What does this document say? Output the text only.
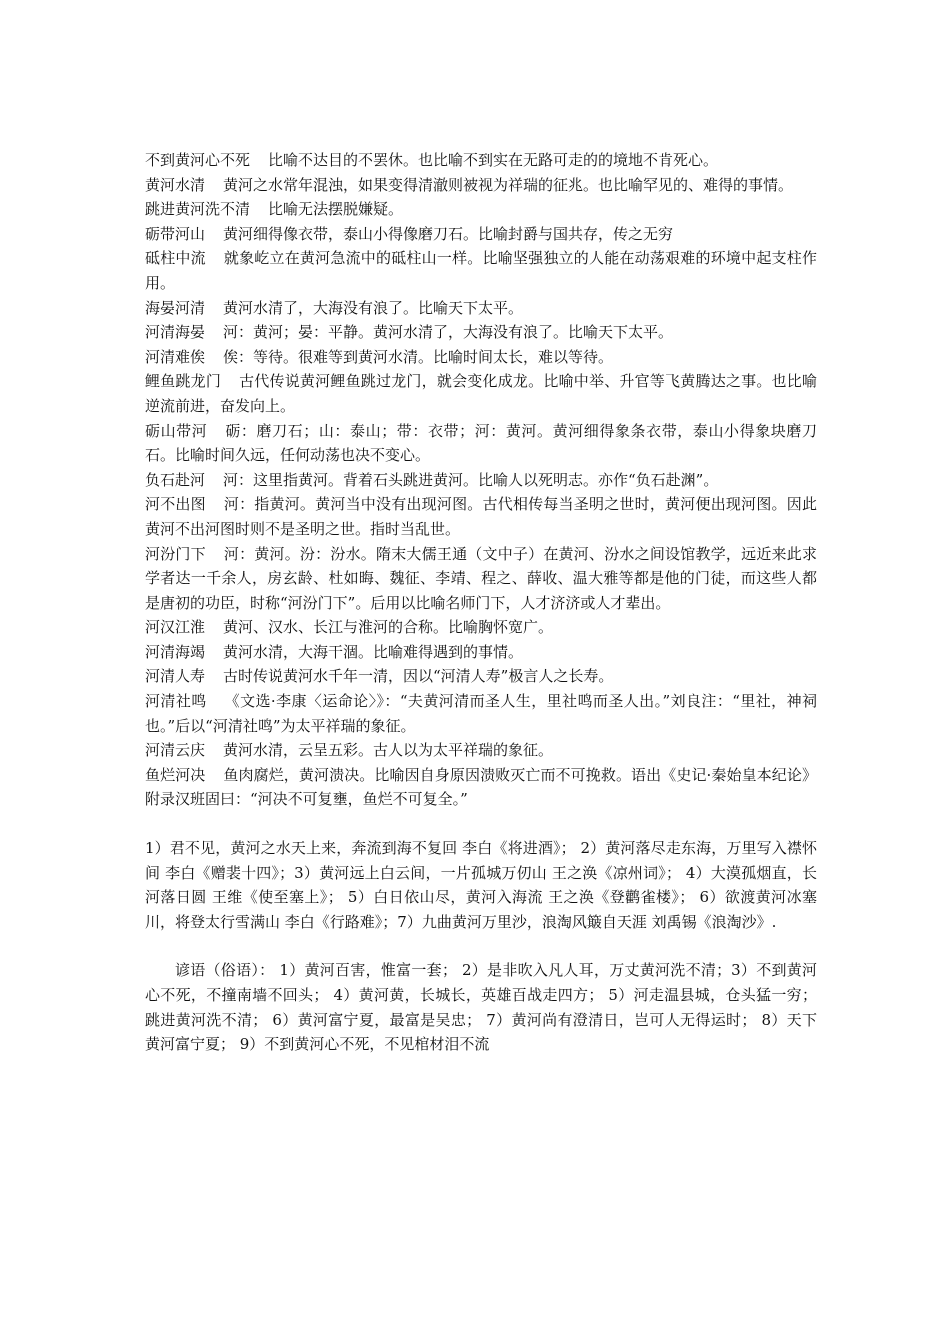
不到黄河心不死 比喻不达目的不罢休。也比喻不到实在无路可走的的境地不肯死心。

黄河水清 黄河之水常年混浊，如果变得清澈则被视为祥瑞的征兆。也比喻罕见的、难得的事情。

跳进黄河洗不清 比喻无法摆脱嫌疑。

砺带河山 黄河细得像衣带，泰山小得像磨刀石。比喻封爵与国共存，传之无穷

砥柱中流 就象屹立在黄河急流中的砥柱山一样。比喻坚强独立的人能在动荡艰难的环境中起支柱作用。

海晏河清 黄河水清了，大海没有浪了。比喻天下太平。

河清海晏 河：黄河；晏：平静。黄河水清了，大海没有浪了。比喻天下太平。

河清难俟 俟：等待。很难等到黄河水清。比喻时间太长，难以等待。

鲤鱼跳龙门 古代传说黄河鲤鱼跳过龙门，就会变化成龙。比喻中举、升官等飞黄腾达之事。也比喻逆流前进，奋发向上。

砺山带河 砺：磨刀石；山：泰山；带：衣带；河：黄河。黄河细得象条衣带，泰山小得象块磨刀石。比喻时间久远，任何动荡也决不变心。

负石赴河 河：这里指黄河。背着石头跳进黄河。比喻人以死明志。亦作“负石赴渊”。

河不出图 河：指黄河。黄河当中没有出现河图。古代相传每当圣明之世时，黄河便出现河图。因此黄河不出河图时则不是圣明之世。指时当乱世。

河汾门下 河：黄河。汾：汾水。隋末大儒王通（文中子）在黄河、汾水之间设馆教学，远近来此求学者达一千余人，房玄龄、杜如晦、魏征、李靖、程之、薛收、温大雅等都是他的门徒，而这些人都是唐初的功臣，时称“河汾门下”。后用以比喻名师门下，人才济济或人才辈出。

河汉江淮 黄河、汉水、长江与淮河的合称。比喻胸怀宽广。

河清海竭 黄河水清，大海干涸。比喻难得遇到的事情。

河清人寿 古时传说黄河水千年一清，因以“河清人寿”极言人之长寿。

河清社鸣 《文选·李康〈运命论〉》：“夫黄河清而圣人生，里社鸣而圣人出。”刘良注：“里社，神祠也。”后以“河清社鸣”为太平祥瑞的象征。

河清云庆 黄河水清，云呈五彩。古人以为太平祥瑞的象征。

鱼烂河决 鱼肉腐烂，黄河溃决。比喻因自身原因溃败灭亡而不可挽救。语出《史记·秦始皇本纪论》附录汉班固曰：“河决不可复壅，鱼烂不可复全。”

1）君不见，黄河之水天上来，奔流到海不复回 李白《将进酒》； 2）黄河落尽走东海，万里写入襟怀间 李白《赠裴十四》；3）黄河远上白云间，一片孤城万仞山 王之涣《凉州词》； 4）大漠孤烟直，长河落日圆 王维《使至塞上》； 5）白日依山尽，黄河入海流 王之涣《登鹳雀楼》； 6）欲渡黄河冰塞川，将登太行雪满山 李白《行路难》；7）九曲黄河万里沙，浪淘风簸自天涯 刘禹锡《浪淘沙》.

谚语（俗语）： 1）黄河百害，惟富一套； 2）是非吹入凡人耳，万丈黄河洗不清；3）不到黄河心不死，不撞南墙不回头； 4）黄河黄，长城长，英雄百战走四方； 5）河走温县城，仓头猛一穷；跳进黄河洗不清； 6）黄河富宁夏，最富是吴忠； 7）黄河尚有澄清日，岂可人无得运时； 8）天下黄河富宁夏； 9）不到黄河心不死，不见棺材泪不流
